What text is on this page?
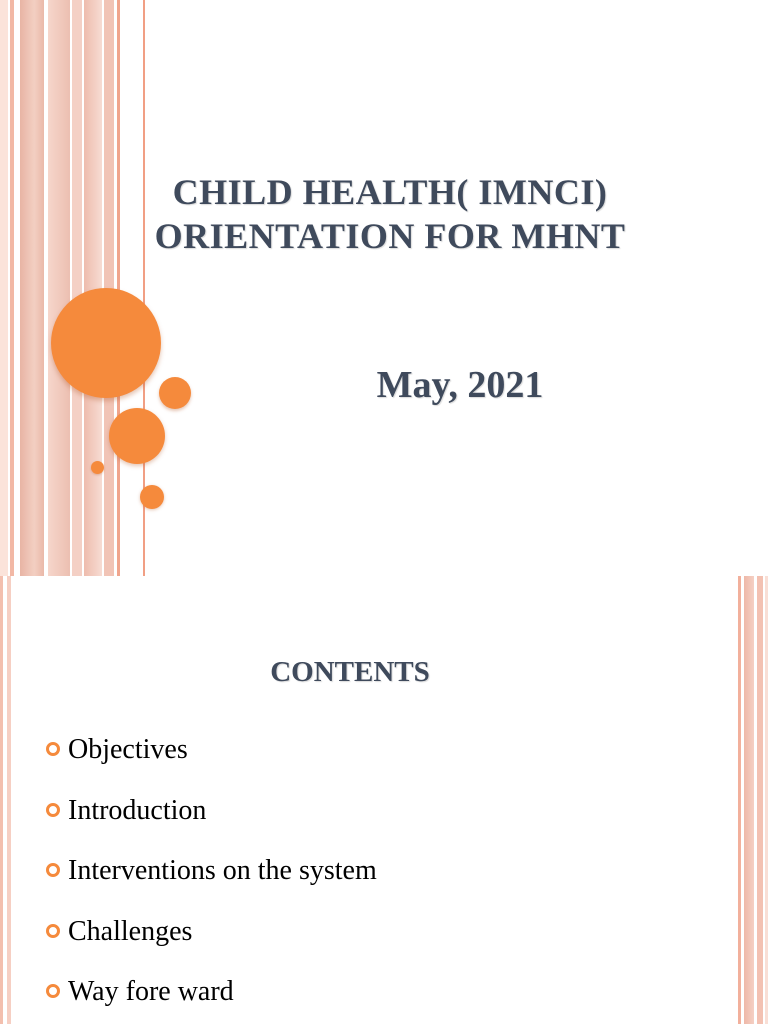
CHILD HEALTH( IMNCI)
ORIENTATION FOR MHNT
May, 2021
CONTENTS
Objectives
Introduction
Interventions on the system
Challenges
Way fore ward
